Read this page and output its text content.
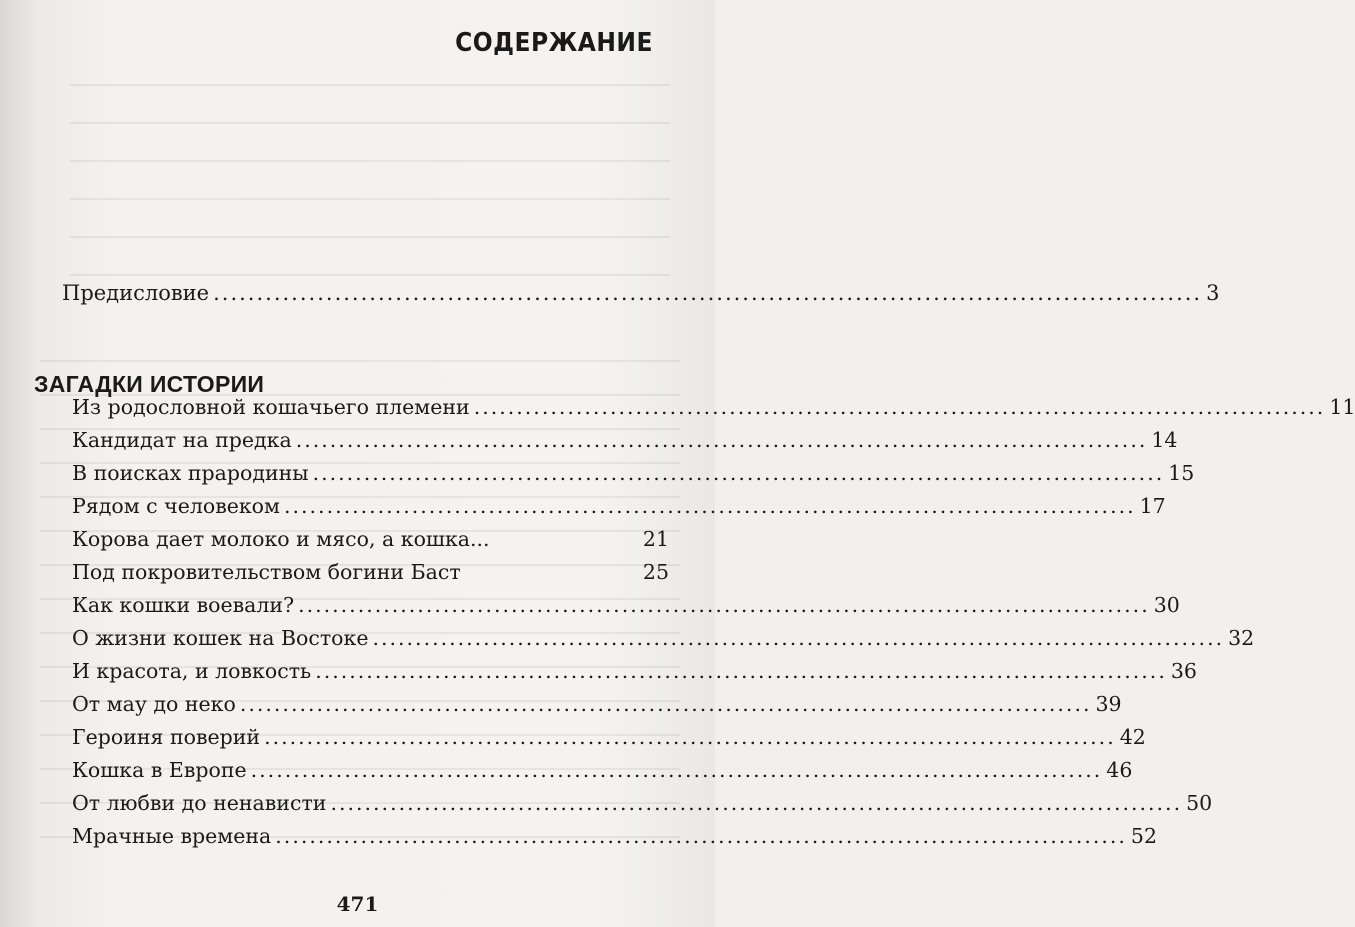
СОДЕРЖАНИЕ
Предисловие .................................................................................................................. 3
ЗАГАДКИ ИСТОРИИ
Из родословной кошачьего племени .................................................................................................... 11
Кандидат на предка .................................................................................................... 14
В поисках прародины .................................................................................................... 15
Рядом с человеком .................................................................................................... 17
Корова дает молоко и мясо, а кошка...	21
Под покровительством богини Баст	25
Как кошки воевали? .................................................................................................... 30
О жизни кошек на Востоке .................................................................................................... 32
И красота, и ловкость .................................................................................................... 36
От мау до неко .................................................................................................... 39
Героиня поверий .................................................................................................... 42
Кошка в Европе .................................................................................................... 46
От любви до ненависти .................................................................................................... 50
Мрачные времена .................................................................................................... 52
471
